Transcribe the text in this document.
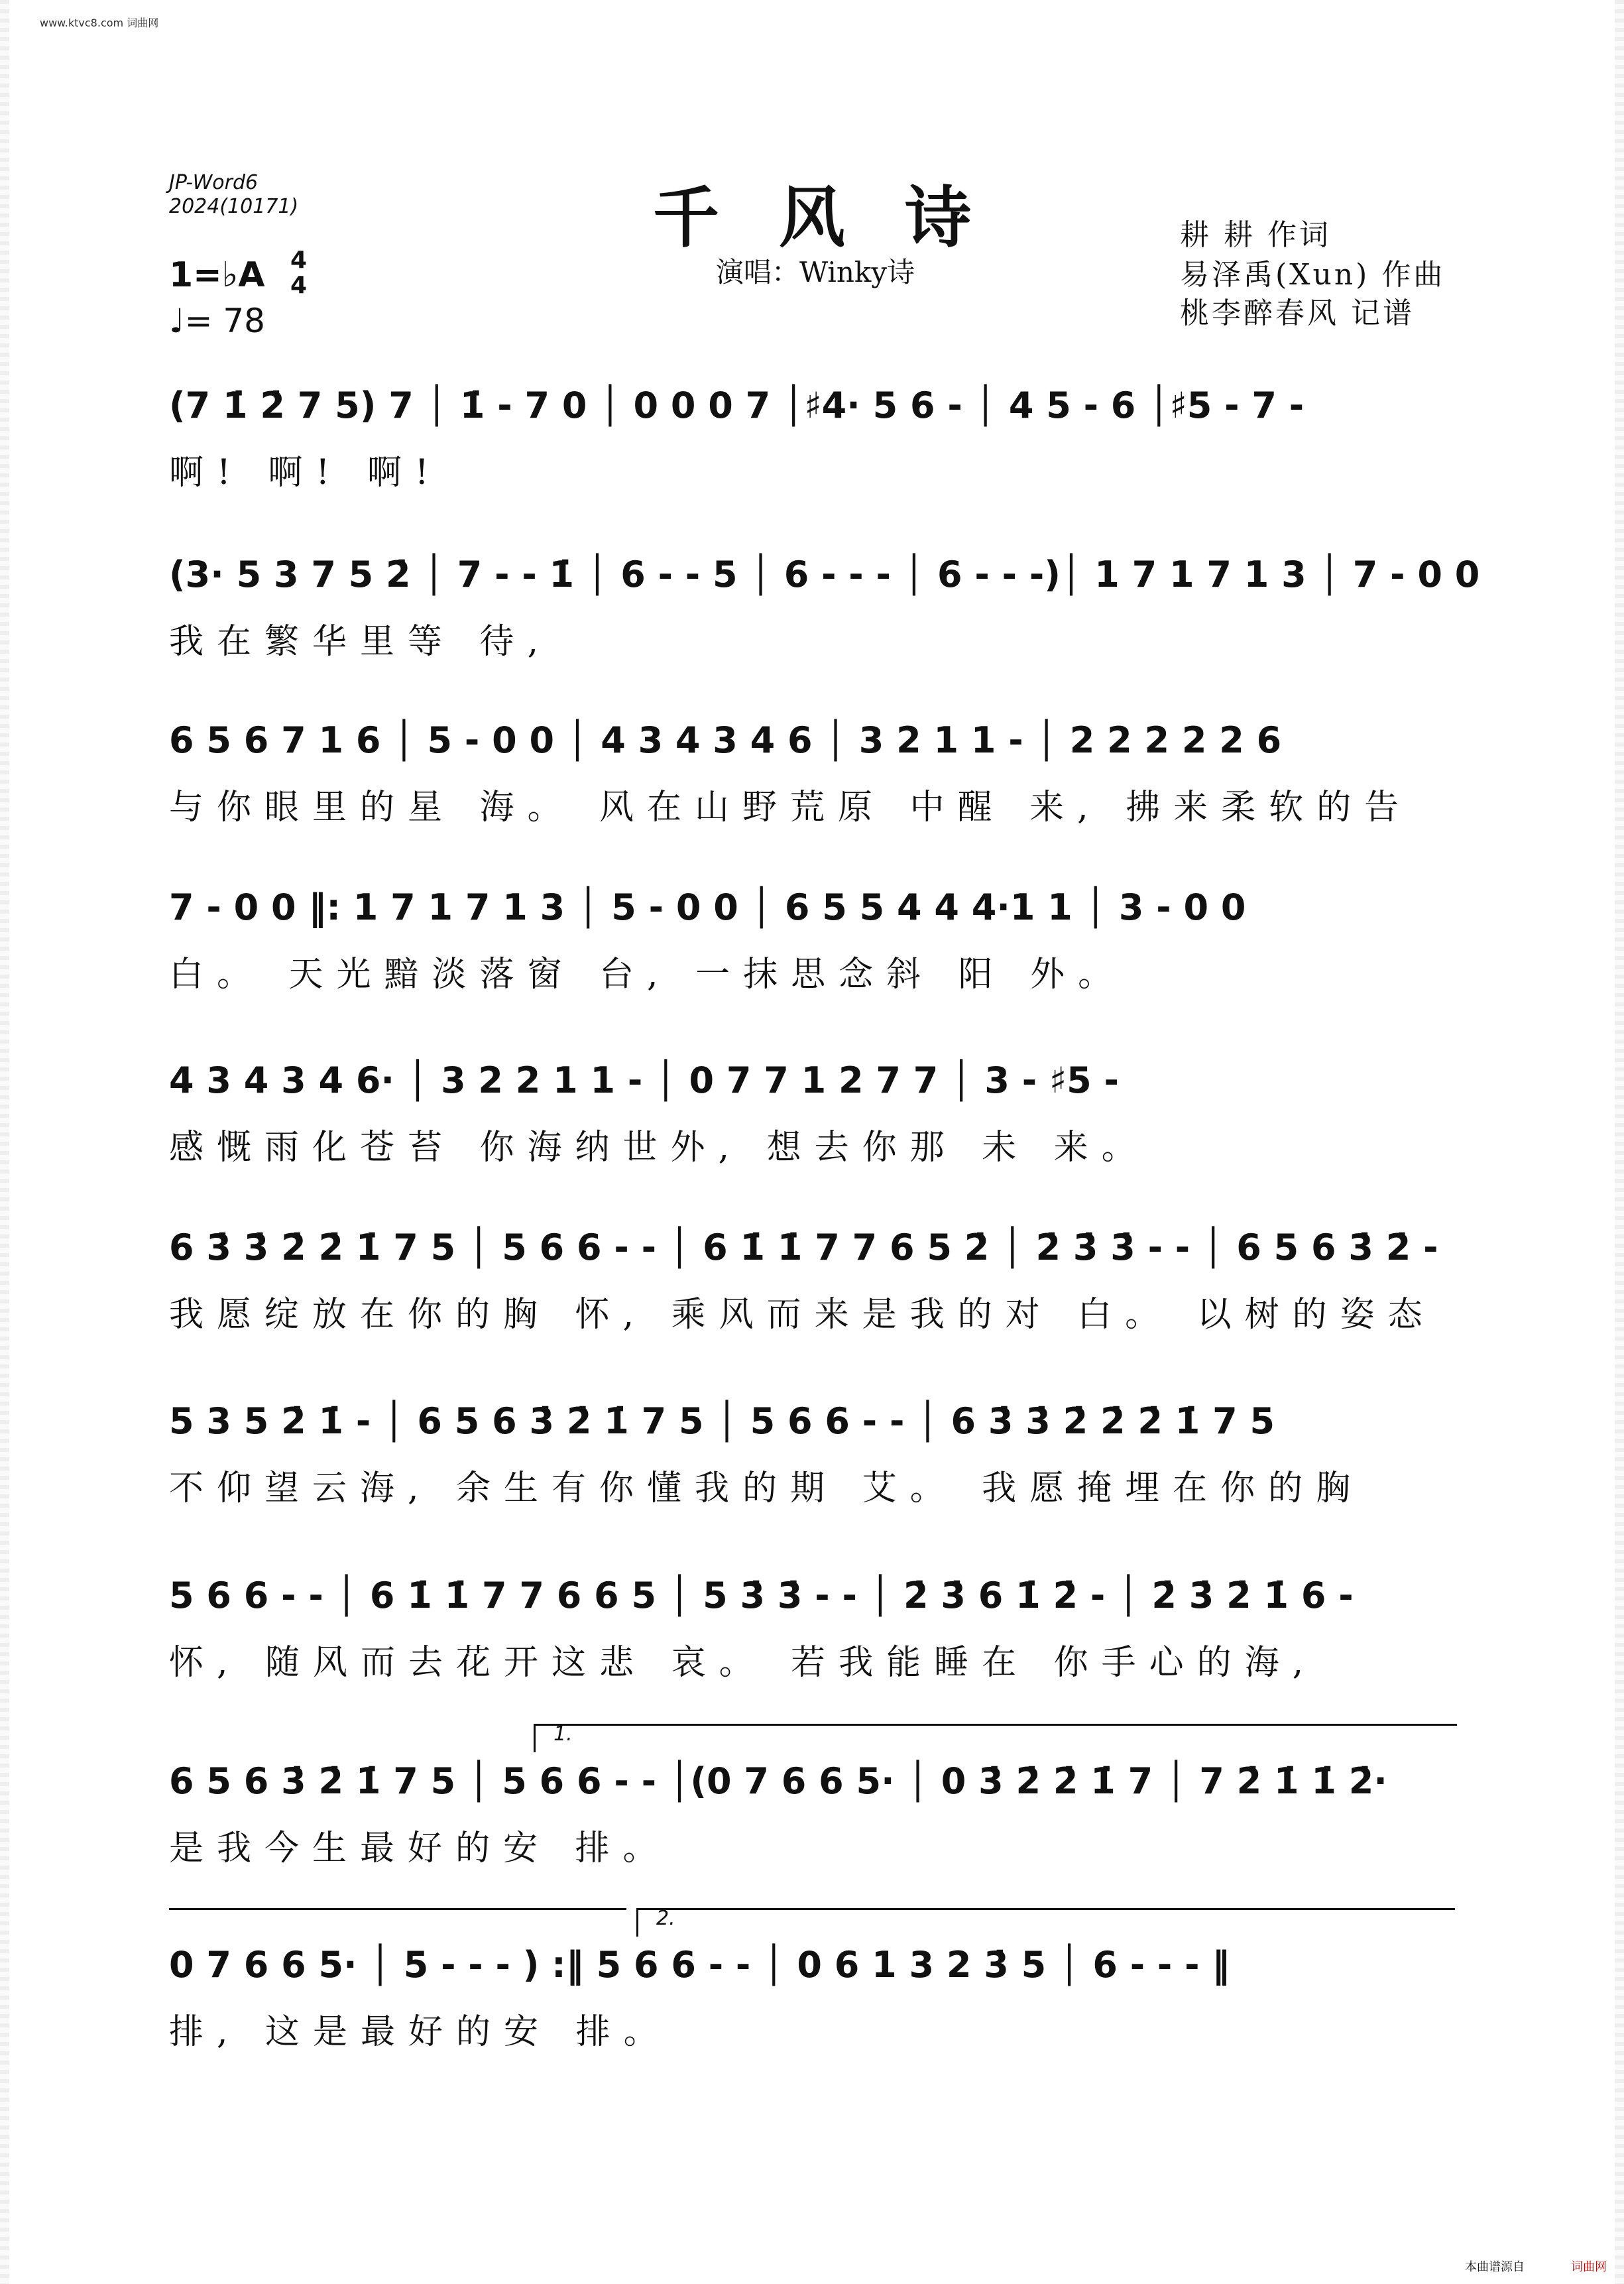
www.ktvc8.com 词曲网
JP-Word6
2024(10171)	千风诗
演唱：Winky诗
耕 耕 作词
易泽禹(Xun) 作曲
桃李醉春风 记谱
1=♭A 4
4
♩= 78
(7 1̇ 2̇ 7 5) 7 │ 1̇ - 7 0 │ 0 0 0 7 │♯4· 5 6 - │ 4 5 - 6 │♯5 - 7 -
啊! 啊! 啊!
(3· 5 3 7 5 2̇ │ 7 - - 1̇ │ 6 - - 5 │ 6 - - - │ 6 - - -)│ 1 7 1 7 1 3 │ 7 - 0 0
我在繁华里等 待,
6 5 6 7 1 6 │ 5 - 0 0 │ 4 3 4 3 4 6 │ 3 2 1 1 - │ 2 2 2 2 2 6
与你眼里的星 海。 风在山野荒原 中醒 来, 拂来柔软的告
7 - 0 0 ‖: 1 7 1 7 1 3 │ 5 - 0 0 │ 6 5 5 4 4 4·1 1 │ 3 - 0 0
白。 天光黯淡落窗 台, 一抹思念斜 阳 外。
4 3 4 3 4 6· │ 3 2 2 1 1 - │ 0 7 7 1 2 7 7 │ 3 - ♯5 -
感慨雨化苍苔 你海纳世外, 想去你那 未 来。
6 3̇ 3̇ 2̇ 2̇ 1̇ 7 5 │ 5 6 6 - - │ 6 1̇ 1̇ 7 7 6 5 2̇ │ 2̇ 3̇ 3̇ - - │ 6 5 6 3̇ 2̇ -
我愿绽放在你的胸 怀, 乘风而来是我的对 白。 以树的姿态
5 3 5 2̇ 1̇ - │ 6 5 6 3̇ 2̇ 1̇ 7 5 │ 5 6 6 - - │ 6 3̇ 3̇ 2̇ 2̇ 2̇ 1̇ 7 5
不仰望云海, 余生有你懂我的期 艾。 我愿掩埋在你的胸
5 6 6 - - │ 6 1̇ 1̇ 7 7 6 6 5 │ 5 3̇ 3̇ - - │ 2̇ 3̇ 6 1̇ 2̇ - │ 2̇ 3̇ 2̇ 1̇ 6 -
怀, 随风而去花开这悲 哀。 若我能睡在 你手心的海,
6 5 6 3̇ 2̇ 1̇ 7 5 │ 5 6 6 - - │(0 7 6 6 5· │ 0 3̇ 2̇ 2̇ 1̇ 7 │ 7 2̇ 1̇ 1̇ 2̇·
是我今生最好的安 排。
1.
0 7 6 6 5· │ 5 - - - ) :‖ 5 6 6 - - │ 0 6 1 3 2 3̇ 5 │ 6 - - - ‖
排, 这是最好的安 排。
2.
本曲谱源自	词曲网
